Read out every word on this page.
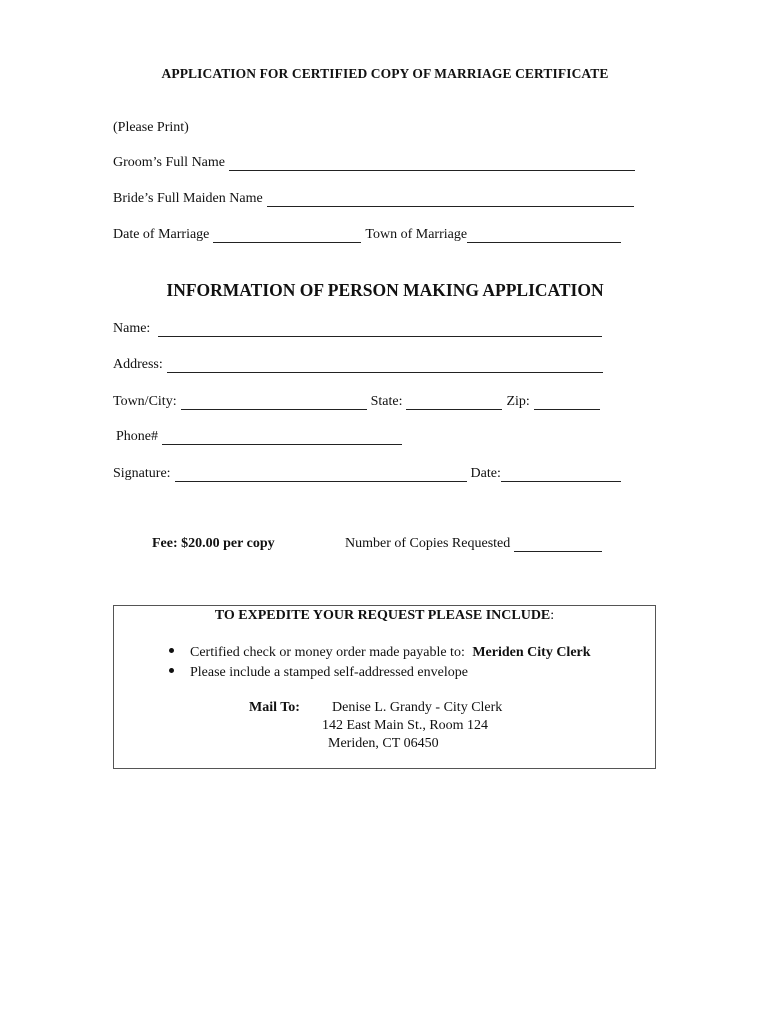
APPLICATION FOR CERTIFIED COPY OF MARRIAGE CERTIFICATE
(Please Print)
Groom’s Full Name
Bride’s Full Maiden Name
Date of Marriage	Town of Marriage
INFORMATION OF PERSON MAKING APPLICATION
Name:
Address:
Town/City:	State:	Zip:
Phone#
Signature:	Date:
Fee: $20.00 per copy	Number of Copies Requested
TO EXPEDITE YOUR REQUEST PLEASE INCLUDE:
Certified check or money order made payable to: Meriden City Clerk
Please include a stamped self-addressed envelope
Mail To: Denise L. Grandy - City Clerk
142 East Main St., Room 124
Meriden, CT 06450
